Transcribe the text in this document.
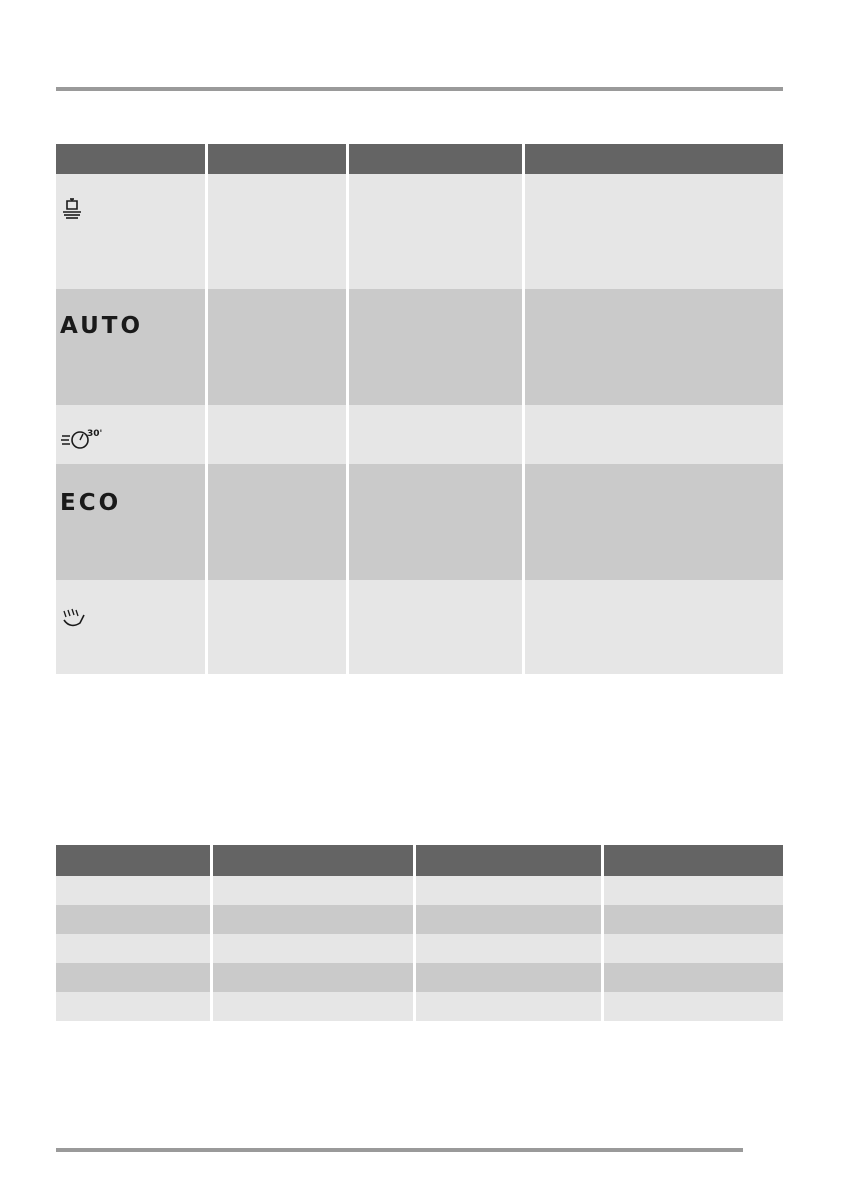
AUTO			

30'			

ECO			
